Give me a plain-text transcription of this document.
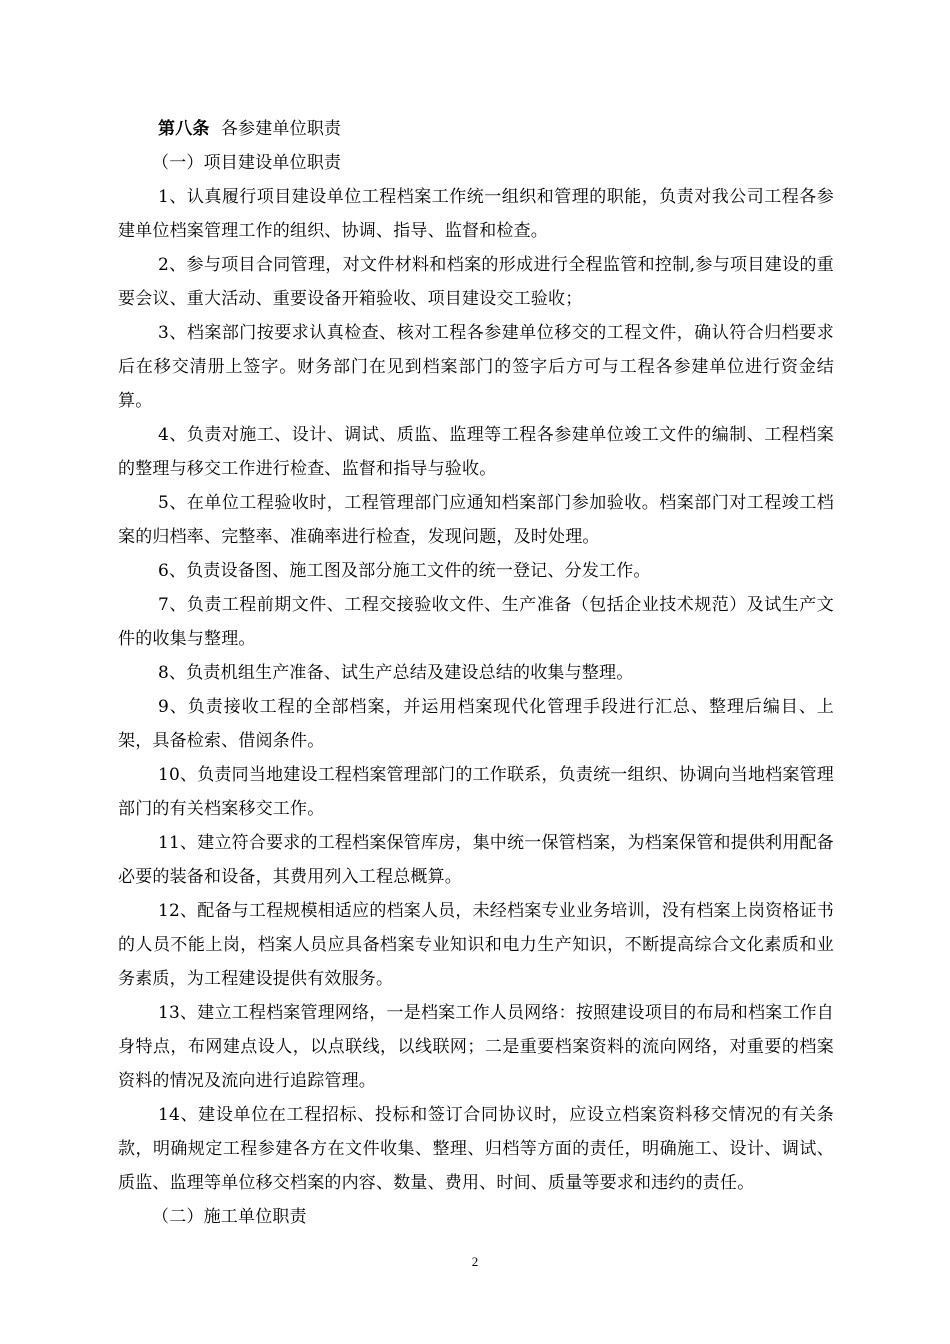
第八条 各参建单位职责

（一）项目建设单位职责

1、认真履行项目建设单位工程档案工作统一组织和管理的职能，负责对我公司工程各参建单位档案管理工作的组织、协调、指导、监督和检查。

2、参与项目合同管理，对文件材料和档案的形成进行全程监管和控制,参与项目建设的重要会议、重大活动、重要设备开箱验收、项目建设交工验收；

3、档案部门按要求认真检查、核对工程各参建单位移交的工程文件，确认符合归档要求后在移交清册上签字。财务部门在见到档案部门的签字后方可与工程各参建单位进行资金结算。

4、负责对施工、设计、调试、质监、监理等工程各参建单位竣工文件的编制、工程档案的整理与移交工作进行检查、监督和指导与验收。

5、在单位工程验收时，工程管理部门应通知档案部门参加验收。档案部门对工程竣工档案的归档率、完整率、准确率进行检查，发现问题，及时处理。

6、负责设备图、施工图及部分施工文件的统一登记、分发工作。

7、负责工程前期文件、工程交接验收文件、生产准备（包括企业技术规范）及试生产文件的收集与整理。

8、负责机组生产准备、试生产总结及建设总结的收集与整理。

9、负责接收工程的全部档案，并运用档案现代化管理手段进行汇总、整理后编目、上架，具备检索、借阅条件。

10、负责同当地建设工程档案管理部门的工作联系，负责统一组织、协调向当地档案管理部门的有关档案移交工作。

11、建立符合要求的工程档案保管库房，集中统一保管档案，为档案保管和提供利用配备必要的装备和设备，其费用列入工程总概算。

12、配备与工程规模相适应的档案人员，未经档案专业业务培训，没有档案上岗资格证书的人员不能上岗，档案人员应具备档案专业知识和电力生产知识，不断提高综合文化素质和业务素质，为工程建设提供有效服务。

13、建立工程档案管理网络，一是档案工作人员网络：按照建设项目的布局和档案工作自身特点，布网建点设人，以点联线，以线联网；二是重要档案资料的流向网络，对重要的档案资料的情况及流向进行追踪管理。

14、建设单位在工程招标、投标和签订合同协议时，应设立档案资料移交情况的有关条款，明确规定工程参建各方在文件收集、整理、归档等方面的责任，明确施工、设计、调试、质监、监理等单位移交档案的内容、数量、费用、时间、质量等要求和违约的责任。

（二）施工单位职责

2
